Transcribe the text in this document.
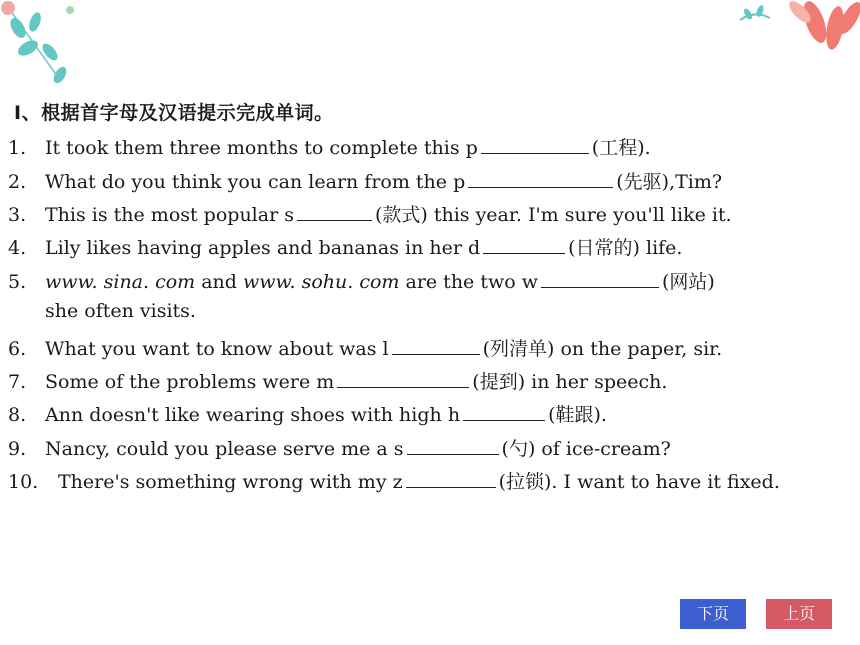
Ⅰ、根据首字母及汉语提示完成单词。
1. It took them three months to complete this p	(工程).
2. What do you think you can learn from the p	(先驱),Tim?
3. This is the most popular s	(款式) this year. I'm sure you'll like it.
4. Lily likes having apples and bananas in her d	(日常的) life.
5. www. sina. com and www. sohu. com are the two w	(网站)
she often visits.
6. What you want to know about was l	(列清单) on the paper, sir.
7. Some of the problems were m	(提到) in her speech.
8. Ann doesn't like wearing shoes with high h	(鞋跟).
9. Nancy, could you please serve me a s	(勺) of ice-cream?
10. There's something wrong with my z	(拉锁). I want to have it fixed.
下页	上页
